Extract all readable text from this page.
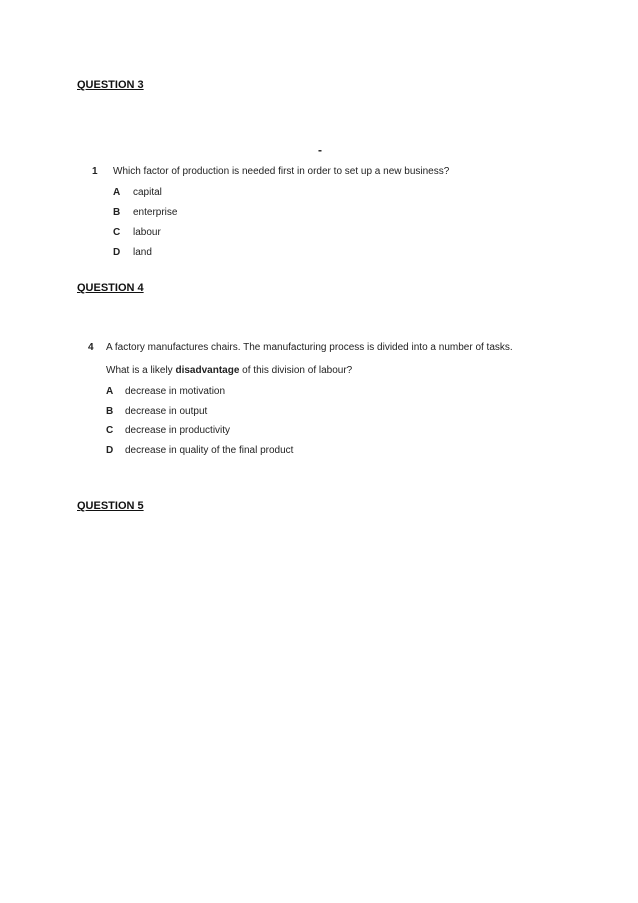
QUESTION 3
-
1 Which factor of production is needed first in order to set up a new business?
A capital
B enterprise
C labour
D land
QUESTION 4
4 A factory manufactures chairs. The manufacturing process is divided into a number of tasks.
What is a likely disadvantage of this division of labour?
A decrease in motivation
B decrease in output
C decrease in productivity
D decrease in quality of the final product
QUESTION 5
